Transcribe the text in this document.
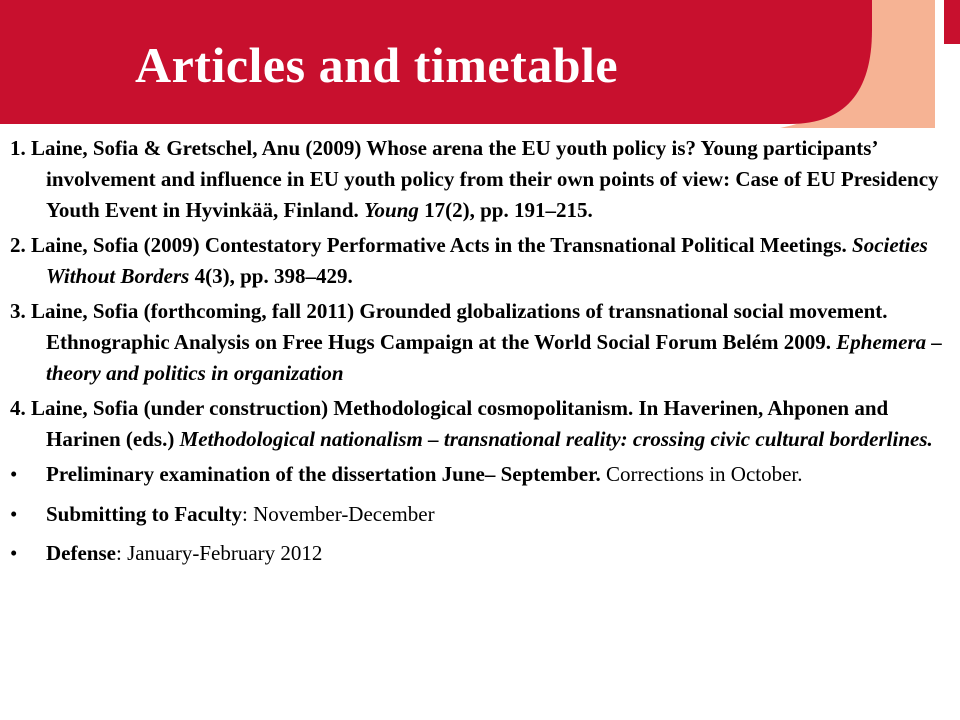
Articles and timetable

1. Laine, Sofia & Gretschel, Anu (2009) Whose arena the EU youth policy is? Young participants’ involvement and influence in EU youth policy from their own points of view: Case of EU Presidency Youth Event in Hyvinkää, Finland. Young 17(2), pp. 191–215.

2. Laine, Sofia (2009) Contestatory Performative Acts in the Transnational Political Meetings. Societies Without Borders 4(3), pp. 398–429.

3. Laine, Sofia (forthcoming, fall 2011) Grounded globalizations of transnational social movement. Ethnographic Analysis on Free Hugs Campaign at the World Social Forum Belém 2009. Ephemera – theory and politics in organization

4. Laine, Sofia (under construction) Methodological cosmopolitanism. In Haverinen, Ahponen and Harinen (eds.) Methodological nationalism – transnational reality: crossing civic cultural borderlines.

•	Preliminary examination of the dissertation June– September. Corrections in October.

•	Submitting to Faculty: November-December

•	Defense: January-February 2012
